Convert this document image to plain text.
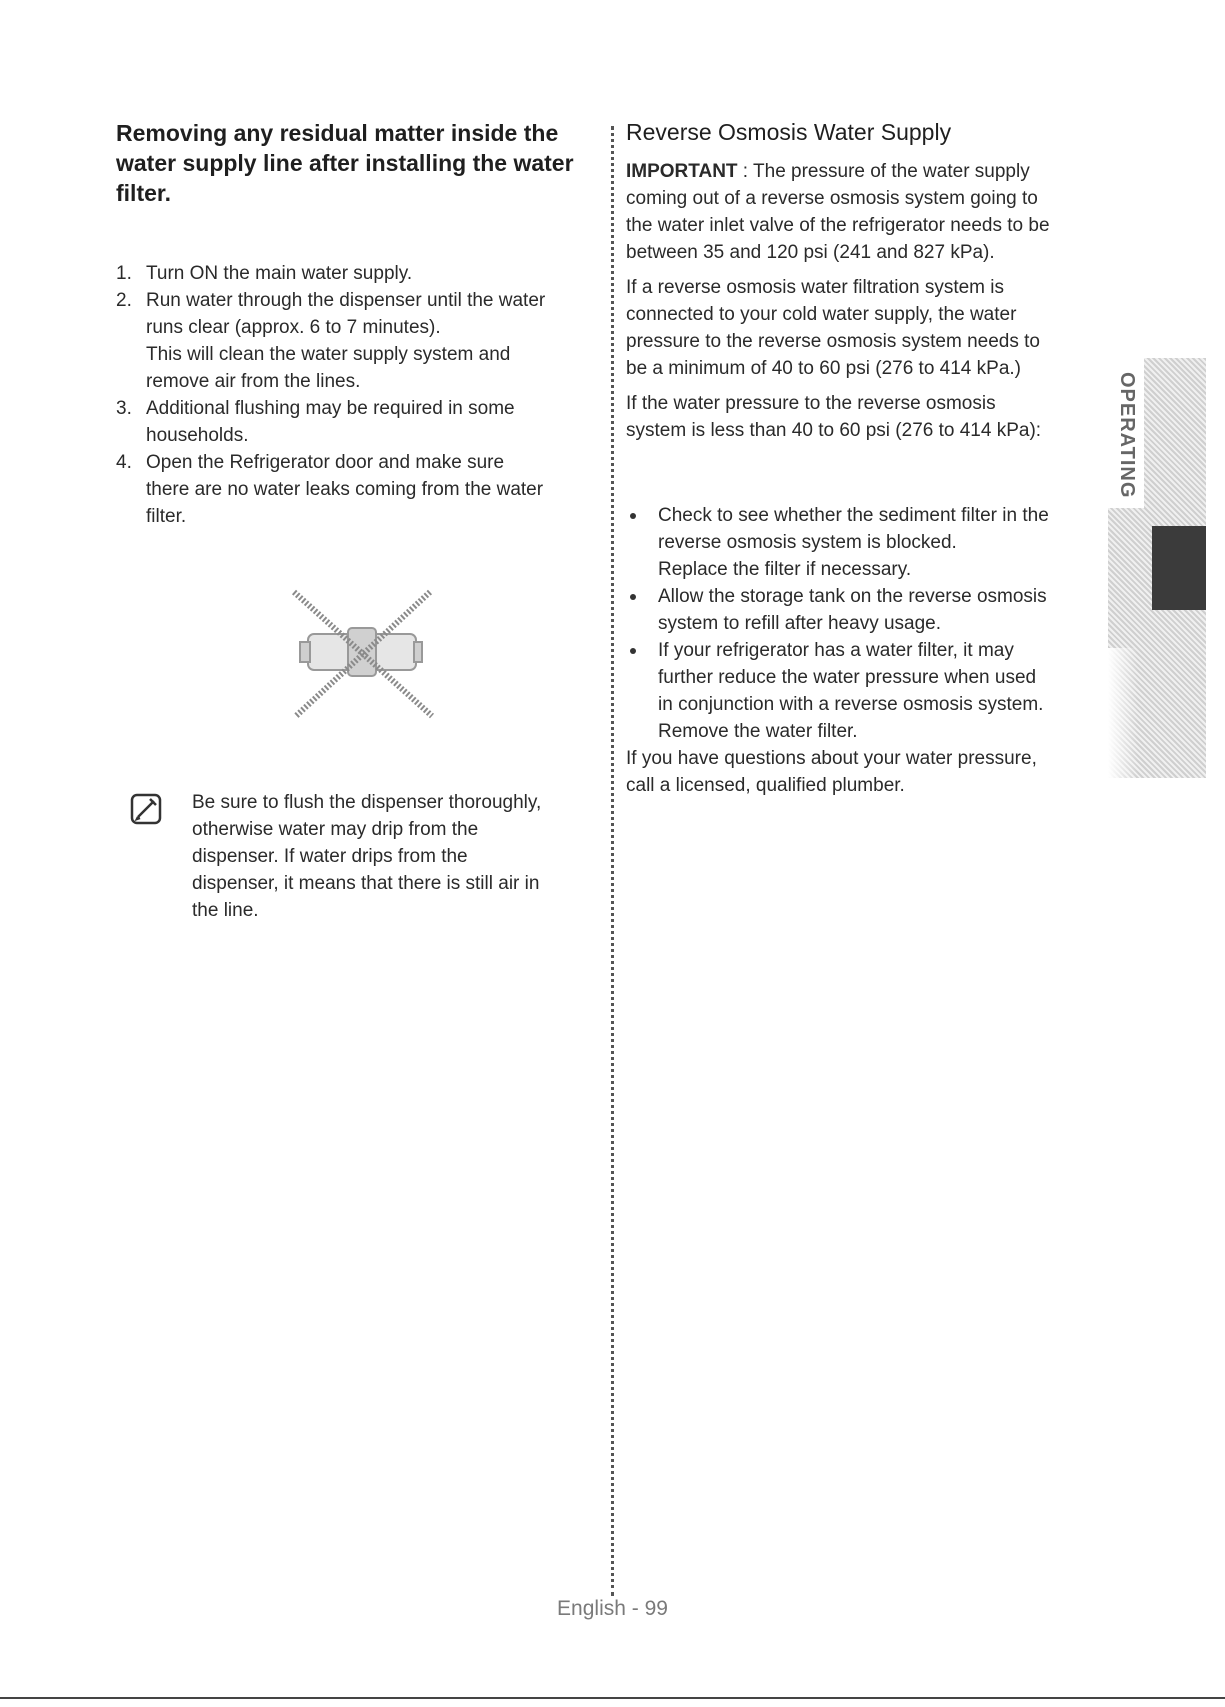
Removing any residual matter inside the water supply line after installing the water filter.
1. Turn ON the main water supply.
2. Run water through the dispenser until the water
runs clear (approx. 6 to 7 minutes).
This will clean the water supply system and
remove air from the lines.
3. Additional flushing may be required in some
households.
4. Open the Refrigerator door and make sure
there are no water leaks coming from the water
filter.
Be sure to flush the dispenser thoroughly,
otherwise water may drip from the
dispenser. If water drips from the
dispenser, it means that there is still air in
the line.
Reverse Osmosis Water Supply

IMPORTANT : The pressure of the water supply
coming out of a reverse osmosis system going to
the water inlet valve of the refrigerator needs to be
between 35 and 120 psi (241 and 827 kPa).

If a reverse osmosis water filtration system is
connected to your cold water supply, the water
pressure to the reverse osmosis system needs to
be a minimum of 40 to 60 psi (276 to 414 kPa.)

If the water pressure to the reverse osmosis
system is less than 40 to 60 psi (276 to 414 kPa):

Check to see whether the sediment filter in the
reverse osmosis system is blocked.
Replace the filter if necessary.
Allow the storage tank on the reverse osmosis
system to refill after heavy usage.
If your refrigerator has a water filter, it may
further reduce the water pressure when used
in conjunction with a reverse osmosis system.
Remove the water filter.

If you have questions about your water pressure,
call a licensed, qualified plumber.

OPERATING
English - 99
